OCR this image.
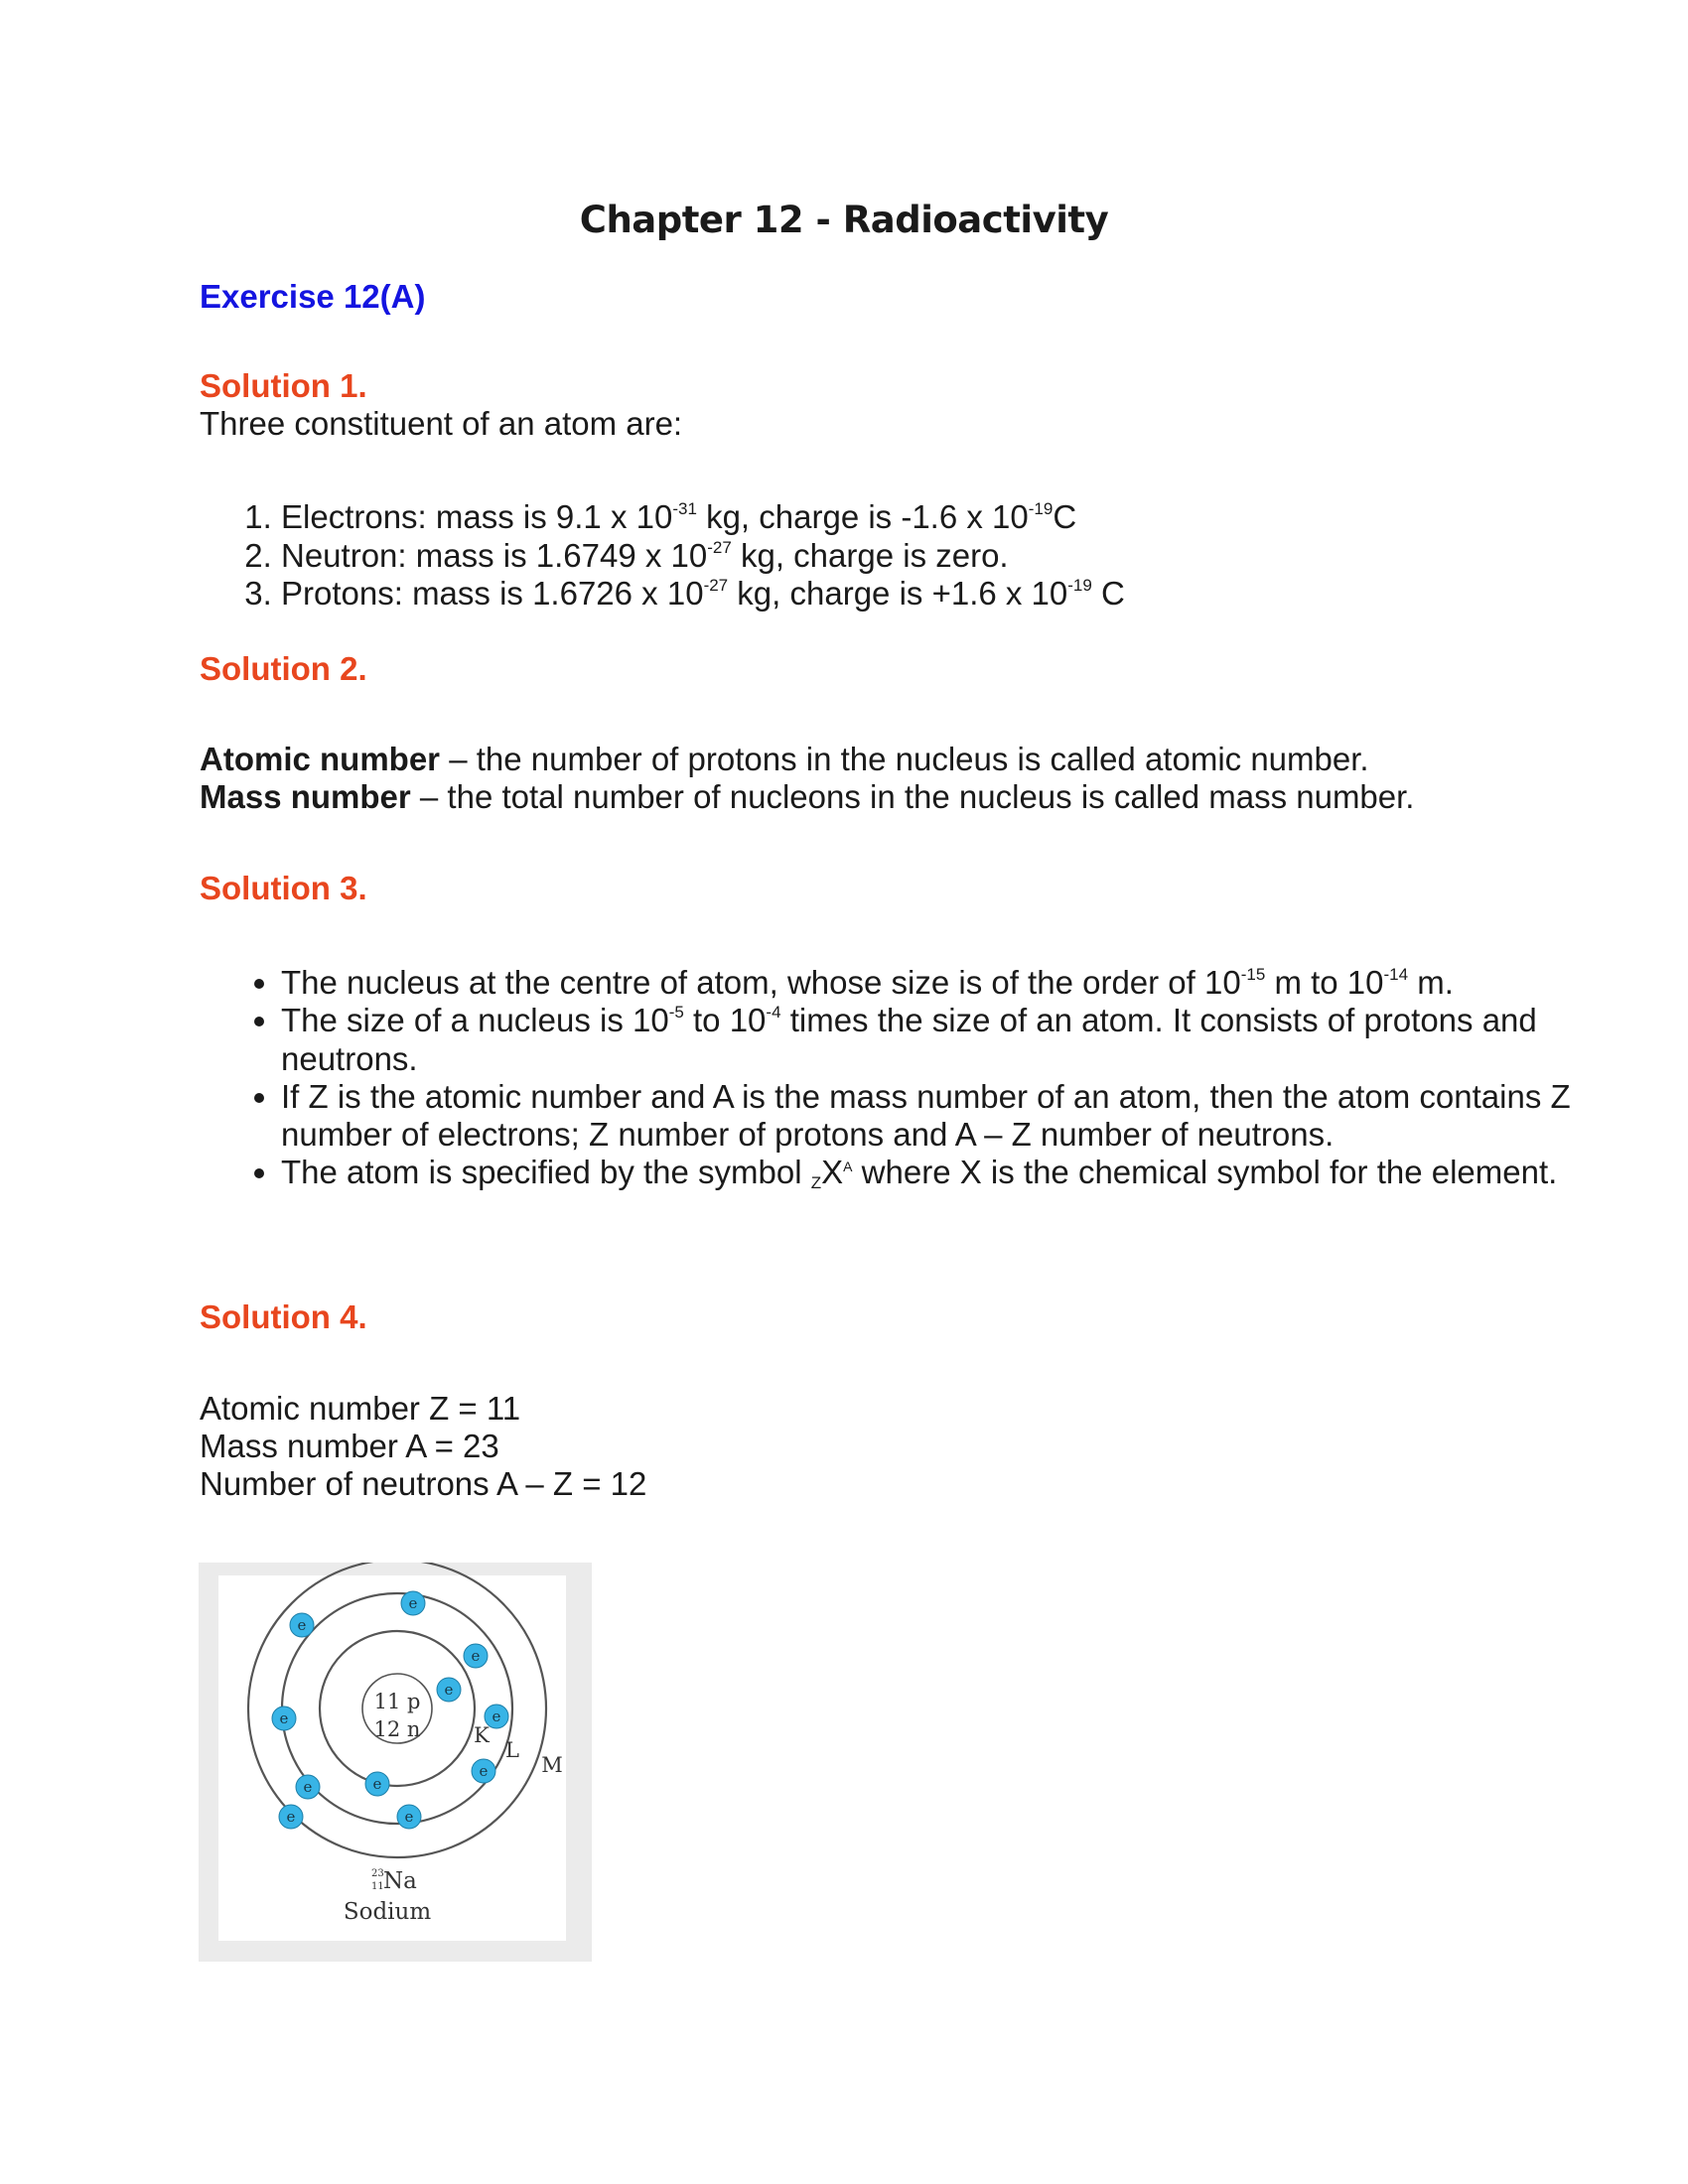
Chapter 12 - Radioactivity
Exercise 12(A)
Solution 1.
Three constituent of an atom are:
1. Electrons: mass is 9.1 x $10^{-31}$ kg, charge is -1.6 x $10^{-19}C$
2. Neutron: mass is 1.6749 x $10^{-27}$ kg, charge is zero.
3. Protons: mass is 1.6726 x $10^{-27}$ kg, charge is +1.6 x $10^{-19}$ C
Solution 2.
Atomic number – the number of protons in the nucleus is called atomic number.
Mass number – the total number of nucleons in the nucleus is called mass number.
Solution 3.
• The nucleus at the centre of atom, whose size is of the order of $10^{-15}$ m to $10^{-14}$ m.
• The size of a nucleus is $10^{-5}$ to $10^{-4}$ times the size of an atom. It consists of protons and neutrons.
• If Z is the atomic number and A is the mass number of an atom, then the atom contains Z number of electrons; Z number of protons and A – Z number of neutrons.
• The atom is specified by the symbol $_ZX^A$ where X is the chemical symbol for the element.
Solution 4.
Atomic number Z = 11
Mass number A = 23
Number of neutrons A – Z = 12
11 p
12 n	K
L
M
e	e
e
e
e
e
e
e
e
e
e
23
11 Na
Sodium
